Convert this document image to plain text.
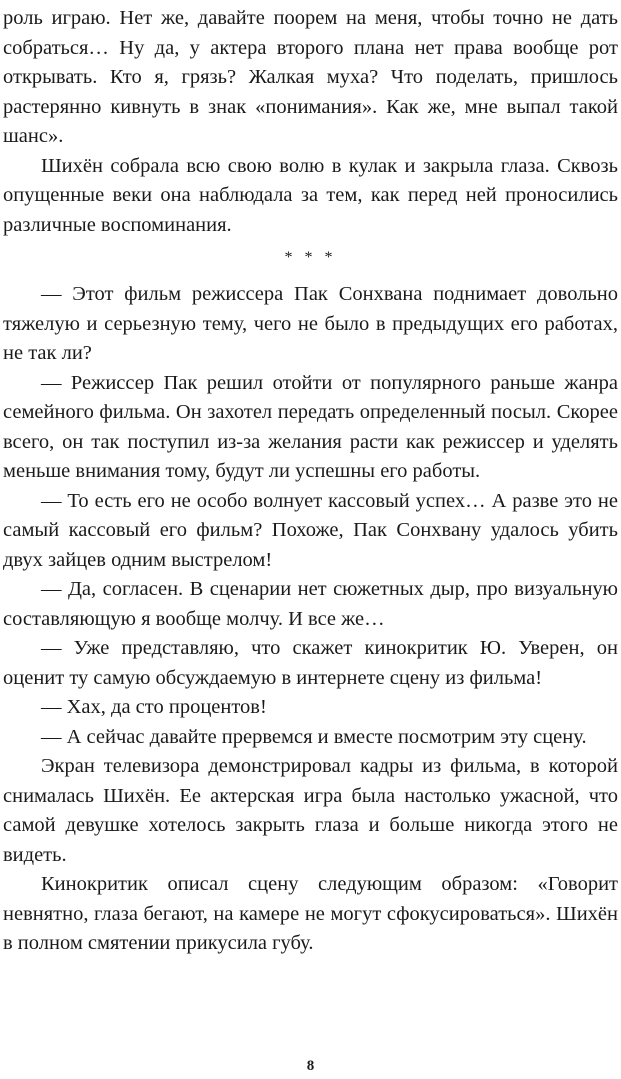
роль играю. Нет же, давайте поорем на меня, чтобы точно не дать собраться… Ну да, у актера второго плана нет права вообще рот открывать. Кто я, грязь? Жалкая муха? Что поделать, пришлось растерянно кивнуть в знак «понимания». Как же, мне выпал такой шанс».

Шихён собрала всю свою волю в кулак и закрыла глаза. Сквозь опущенные веки она наблюдала за тем, как перед ней проносились различные воспоминания.

* * *

— Этот фильм режиссера Пак Сонхвана поднимает довольно тяжелую и серьезную тему, чего не было в предыдущих его работах, не так ли?

— Режиссер Пак решил отойти от популярного раньше жанра семейного фильма. Он захотел передать определенный посыл. Скорее всего, он так поступил из-за желания расти как режиссер и уделять меньше внимания тому, будут ли успешны его работы.

— То есть его не особо волнует кассовый успех… А разве это не самый кассовый его фильм? Похоже, Пак Сонхвану удалось убить двух зайцев одним выстрелом!

— Да, согласен. В сценарии нет сюжетных дыр, про визуальную составляющую я вообще молчу. И все же…

— Уже представляю, что скажет кинокритик Ю. Уверен, он оценит ту самую обсуждаемую в интернете сцену из фильма!

— Хах, да сто процентов!

— А сейчас давайте прервемся и вместе посмотрим эту сцену.

Экран телевизора демонстрировал кадры из фильма, в которой снималась Шихён. Ее актерская игра была настолько ужасной, что самой девушке хотелось закрыть глаза и больше никогда этого не видеть.

Кинокритик описал сцену следующим образом: «Говорит невнятно, глаза бегают, на камере не могут сфокусироваться». Шихён в полном смятении прикусила губу.

8
